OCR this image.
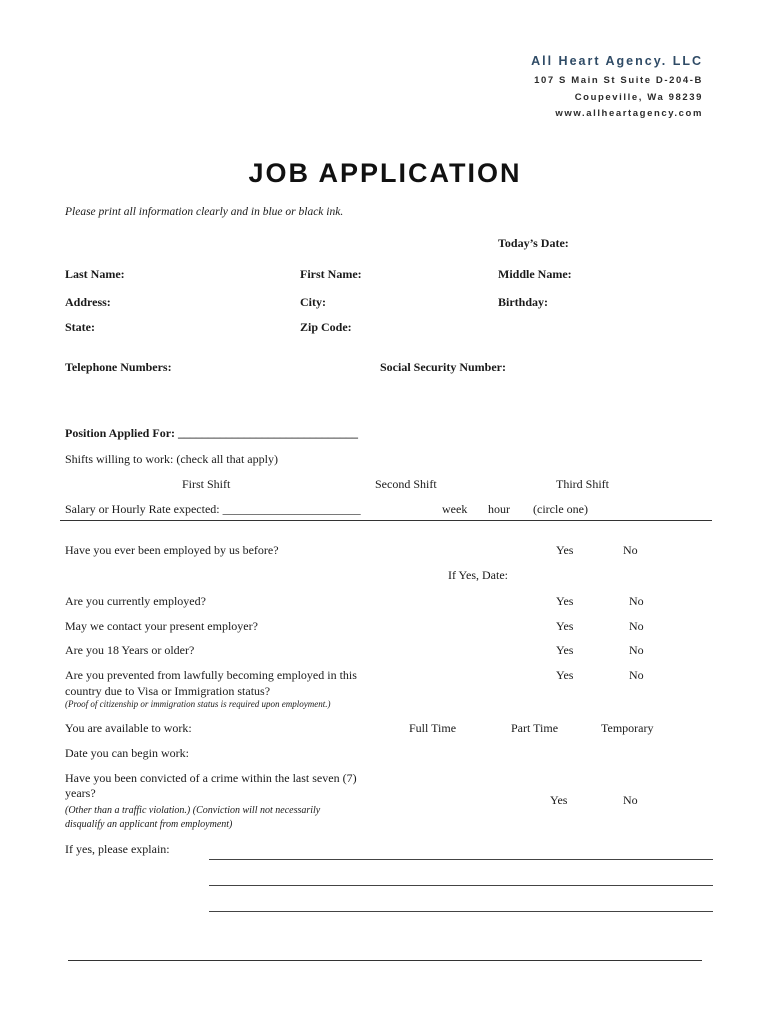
All Heart Agency. LLC
107 S Main St Suite D-204-B
Coupeville, Wa 98239
www.allheartagency.com
JOB APPLICATION
Please print all information clearly and in blue or black ink.
Today’s Date:
Last Name:	First Name:	Middle Name:
Address:	City:	Birthday:
State:	Zip Code:
Telephone Numbers:	Social Security Number:
Position Applied For: ______________________________
Shifts willing to work: (check all that apply)
First Shift	Second Shift	Third Shift
Salary or Hourly Rate expected: _______________________	week hour (circle one)
Have you ever been employed by us before?	Yes	No
If Yes, Date:
Are you currently employed?	Yes	No
May we contact your present employer?	Yes	No
Are you 18 Years or older?	Yes	No
Are you prevented from lawfully becoming employed in this
country due to Visa or Immigration status?
(Proof of citizenship or immigration status is required upon employment.)
Yes	No
You are available to work:	Full Time	Part Time	Temporary
Date you can begin work:
Have you been convicted of a crime within the last seven (7)
years?
(Other than a traffic violation.) (Conviction will not necessarily
disqualify an applicant from employment)
Yes	No
If yes, please explain:
